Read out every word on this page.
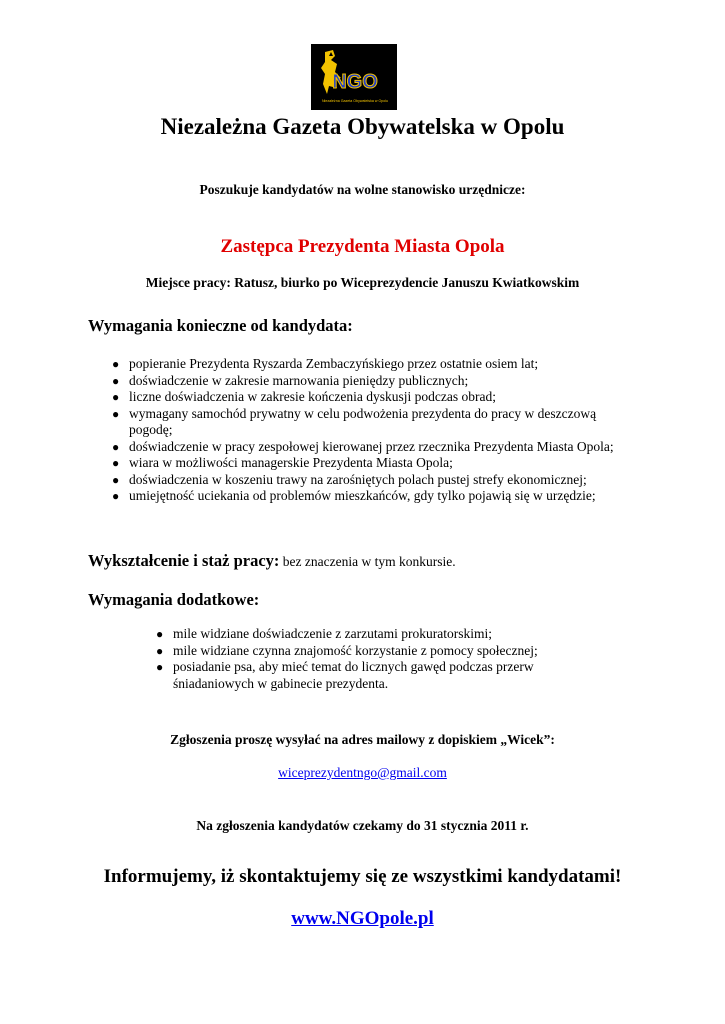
NGO
Niezależna Gazeta Obywatelska w Opolu
Niezależna Gazeta Obywatelska w Opolu

Poszukuje kandydatów na wolne stanowisko urzędnicze:

Zastępca Prezydenta Miasta Opola

Miejsce pracy: Ratusz, biurko po Wiceprezydencie Januszu Kwiatkowskim

Wymagania konieczne od kandydata:
● popieranie Prezydenta Ryszarda Zembaczyńskiego przez ostatnie osiem lat;
● doświadczenie w zakresie marnowania pieniędzy publicznych;
● liczne doświadczenia w zakresie kończenia dyskusji podczas obrad;
● wymagany samochód prywatny w celu podwożenia prezydenta do pracy w deszczową pogodę;
● doświadczenie w pracy zespołowej kierowanej przez rzecznika Prezydenta Miasta Opola;
● wiara w możliwości managerskie Prezydenta Miasta Opola;
● doświadczenia w koszeniu trawy na zarośniętych polach pustej strefy ekonomicznej;
● umiejętność uciekania od problemów mieszkańców, gdy tylko pojawią się w urzędzie;
Wykształcenie i staż pracy: bez znaczenia w tym konkursie.
Wymagania dodatkowe:
● mile widziane doświadczenie z zarzutami prokuratorskimi;
● mile widziane czynna znajomość korzystanie z pomocy społecznej;
● posiadanie psa, aby mieć temat do licznych gawęd podczas przerw śniadaniowych w gabinecie prezydenta.

Zgłoszenia proszę wysyłać na adres mailowy z dopiskiem „Wicek”:

wiceprezydentngo@gmail.com

Na zgłoszenia kandydatów czekamy do 31 stycznia 2011 r.

Informujemy, iż skontaktujemy się ze wszystkimi kandydatami!

www.NGOpole.pl
